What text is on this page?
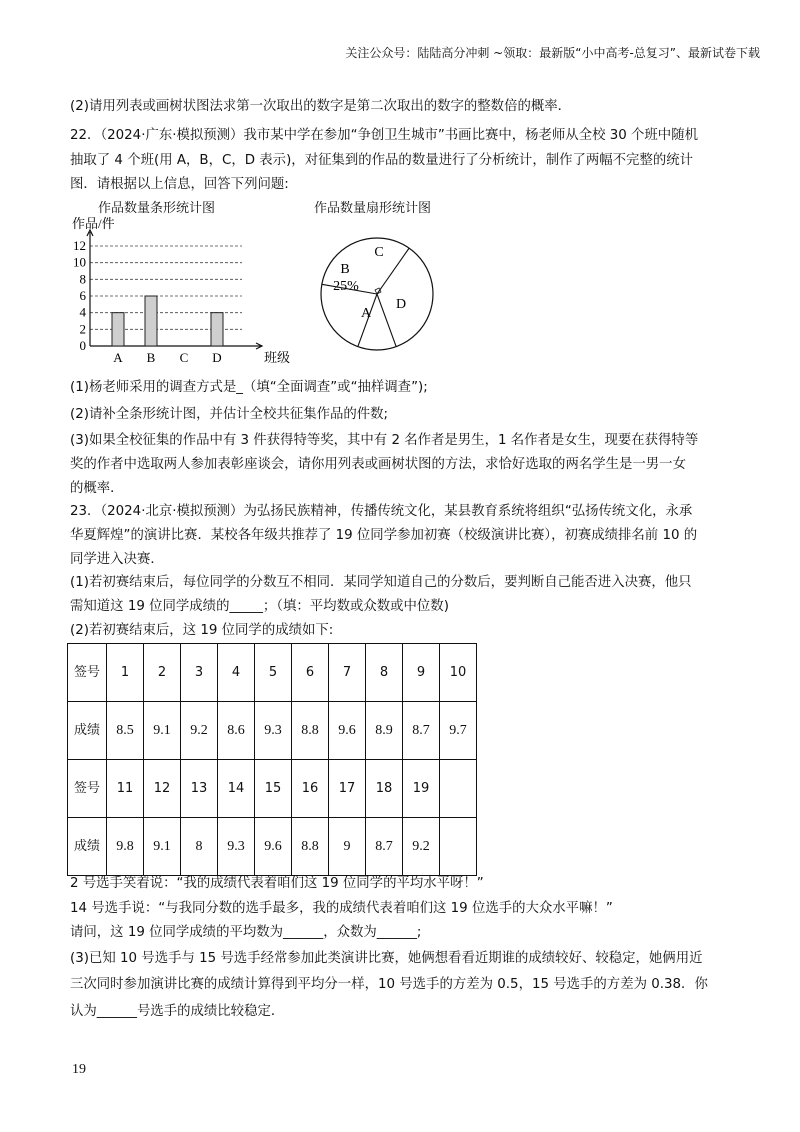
关注公众号：陆陆高分冲刺 ~领取：最新版“小中高考-总复习”、最新试卷下载
(2)请用列表或画树状图法求第一次取出的数字是第二次取出的数字的整数倍的概率．
22．（2024·广东·模拟预测）我市某中学在参加“争创卫生城市”书画比赛中，杨老师从全校 30 个班中随机
抽取了 4 个班(用 A，B，C，D 表示)，对征集到的作品的数量进行了分析统计，制作了两幅不完整的统计
图．请根据以上信息，回答下列问题:
作品数量条形统计图	作品数量扇形统计图
0
2
4
6
8
10
12
作品/件
班级
A B C D
C
B
25%
D
A
(1)杨老师采用的调查方式是_（填“全面调查”或“抽样调查”);
(2)请补全条形统计图，并估计全校共征集作品的件数;
(3)如果全校征集的作品中有 3 件获得特等奖，其中有 2 名作者是男生，1 名作者是女生，现要在获得特等
奖的作者中选取两人参加表彰座谈会，请你用列表或画树状图的方法，求恰好选取的两名学生是一男一女
的概率．
23．（2024·北京·模拟预测）为弘扬民族精神，传播传统文化，某县教育系统将组织“弘扬传统文化，永承
华夏辉煌”的演讲比赛．某校各年级共推荐了 19 位同学参加初赛（校级演讲比赛），初赛成绩排名前 10 的
同学进入决赛．
(1)若初赛结束后，每位同学的分数互不相同．某同学知道自己的分数后，要判断自己能否进入决赛，他只
需知道这 19 位同学成绩的_____；（填：平均数或众数或中位数)
(2)若初赛结束后，这 19 位同学的成绩如下:
签号	1	2	3	4	5	6	7	8	9	10
成绩	8.5	9.1	9.2	8.6	9.3	8.8	9.6	8.9	8.7	9.7
签号	11	12	13	14	15	16	17	18	19	
成绩	9.8	9.1	8	9.3	9.6	8.8	9	8.7	9.2	
2 号选手笑着说：“我的成绩代表着咱们这 19 位同学的平均水平呀！”
14 号选手说：“与我同分数的选手最多，我的成绩代表着咱们这 19 位选手的大众水平嘛！”
请问，这 19 位同学成绩的平均数为______，众数为______;
(3)已知 10 号选手与 15 号选手经常参加此类演讲比赛，她俩想看看近期谁的成绩较好、较稳定，她俩用近
三次同时参加演讲比赛的成绩计算得到平均分一样，10 号选手的方差为 0.5，15 号选手的方差为 0.38．你
认为______号选手的成绩比较稳定．
19
